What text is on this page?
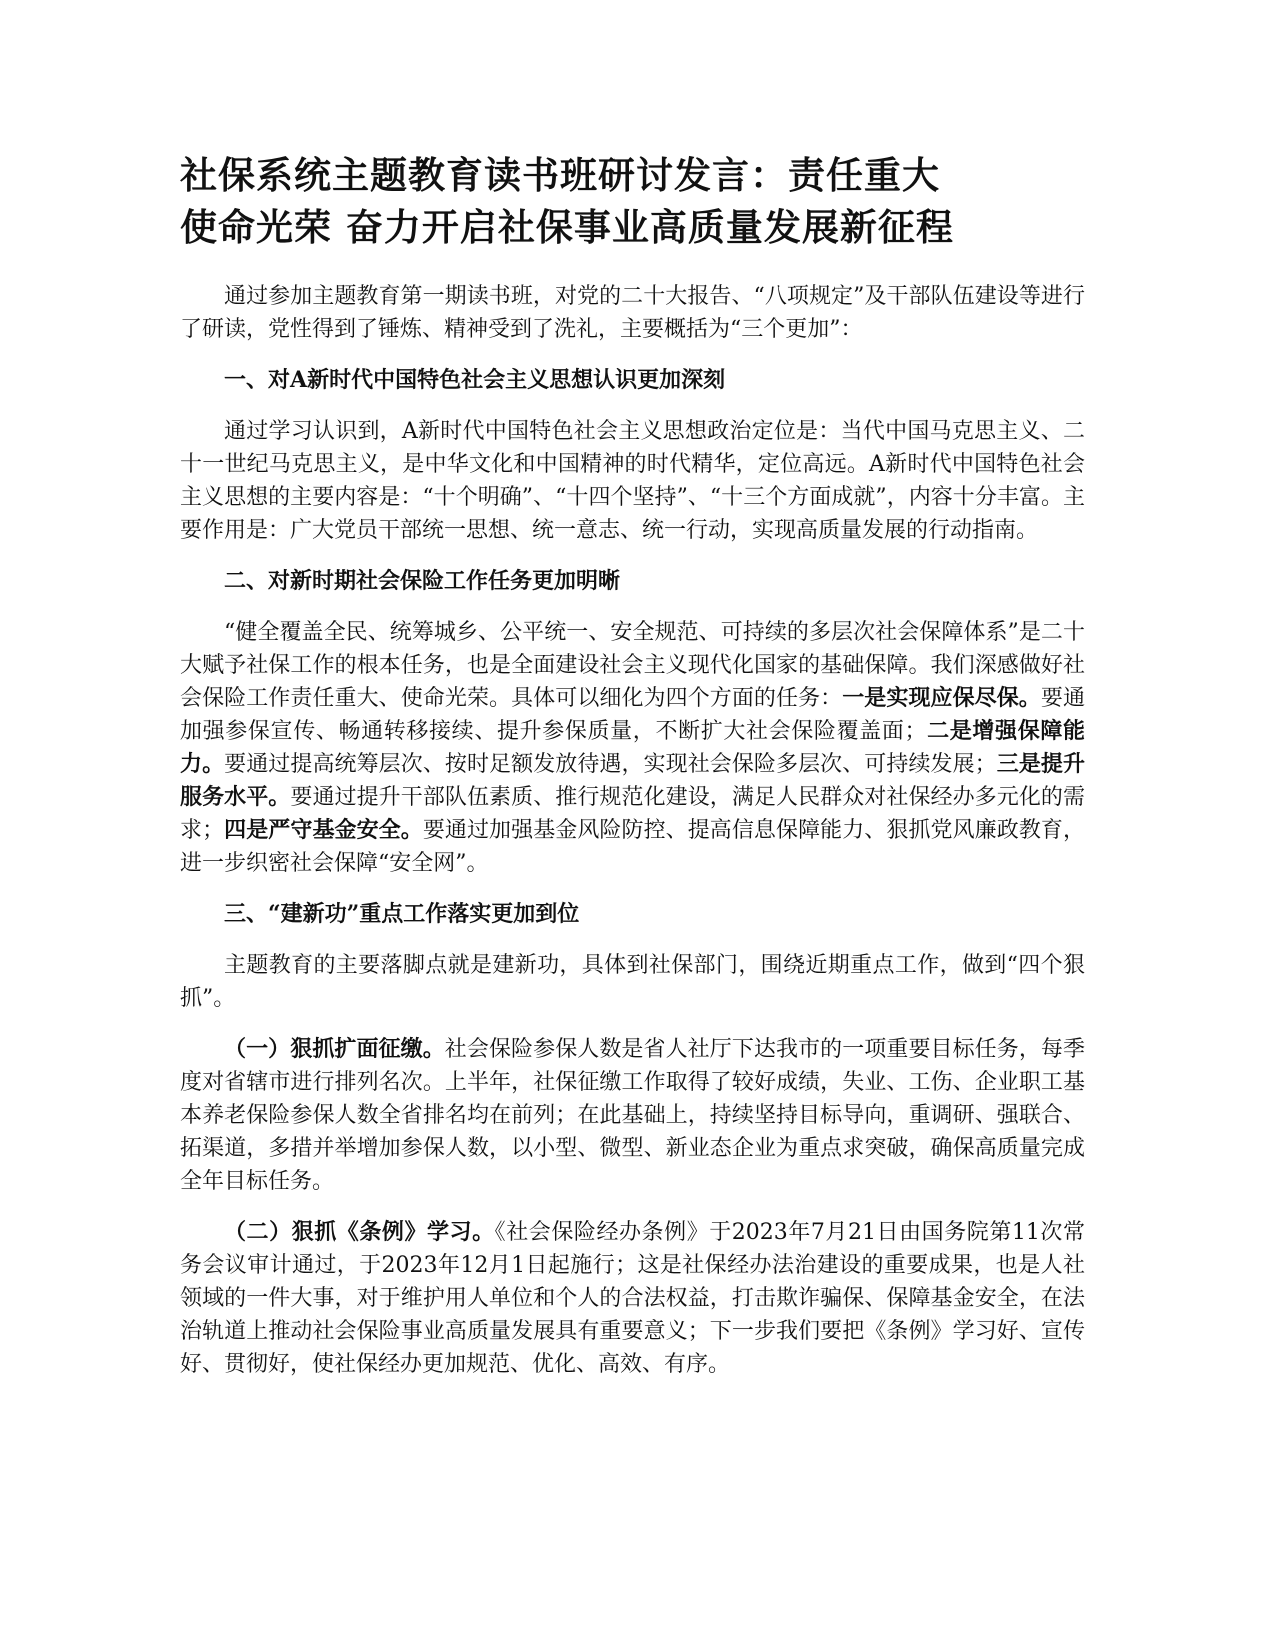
社保系统主题教育读书班研讨发言：责任重大
使命光荣 奋力开启社保事业高质量发展新征程

通过参加主题教育第一期读书班，对党的二十大报告、“八项规定”及干部队伍建设等进行了研读，党性得到了锤炼、精神受到了洗礼，主要概括为“三个更加”：

一、对A新时代中国特色社会主义思想认识更加深刻

通过学习认识到，A新时代中国特色社会主义思想政治定位是：当代中国马克思主义、二十一世纪马克思主义，是中华文化和中国精神的时代精华，定位高远。A新时代中国特色社会主义思想的主要内容是：“十个明确”、“十四个坚持”、“十三个方面成就”，内容十分丰富。主要作用是：广大党员干部统一思想、统一意志、统一行动，实现高质量发展的行动指南。

二、对新时期社会保险工作任务更加明晰

“健全覆盖全民、统筹城乡、公平统一、安全规范、可持续的多层次社会保障体系”是二十大赋予社保工作的根本任务，也是全面建设社会主义现代化国家的基础保障。我们深感做好社会保险工作责任重大、使命光荣。具体可以细化为四个方面的任务：一是实现应保尽保。要通加强参保宣传、畅通转移接续、提升参保质量，不断扩大社会保险覆盖面；二是增强保障能力。要通过提高统筹层次、按时足额发放待遇，实现社会保险多层次、可持续发展；三是提升服务水平。要通过提升干部队伍素质、推行规范化建设，满足人民群众对社保经办多元化的需求；四是严守基金安全。要通过加强基金风险防控、提高信息保障能力、狠抓党风廉政教育，进一步织密社会保障“安全网”。

三、“建新功”重点工作落实更加到位

主题教育的主要落脚点就是建新功，具体到社保部门，围绕近期重点工作，做到“四个狠抓”。

（一）狠抓扩面征缴。社会保险参保人数是省人社厅下达我市的一项重要目标任务，每季度对省辖市进行排列名次。上半年，社保征缴工作取得了较好成绩，失业、工伤、企业职工基本养老保险参保人数全省排名均在前列；在此基础上，持续坚持目标导向，重调研、强联合、拓渠道，多措并举增加参保人数，以小型、微型、新业态企业为重点求突破，确保高质量完成全年目标任务。

（二）狠抓《条例》学习。《社会保险经办条例》于2023年7月21日由国务院第11次常务会议审计通过，于2023年12月1日起施行；这是社保经办法治建设的重要成果，也是人社领域的一件大事，对于维护用人单位和个人的合法权益，打击欺诈骗保、保障基金安全，在法治轨道上推动社会保险事业高质量发展具有重要意义；下一步我们要把《条例》学习好、宣传好、贯彻好，使社保经办更加规范、优化、高效、有序。
